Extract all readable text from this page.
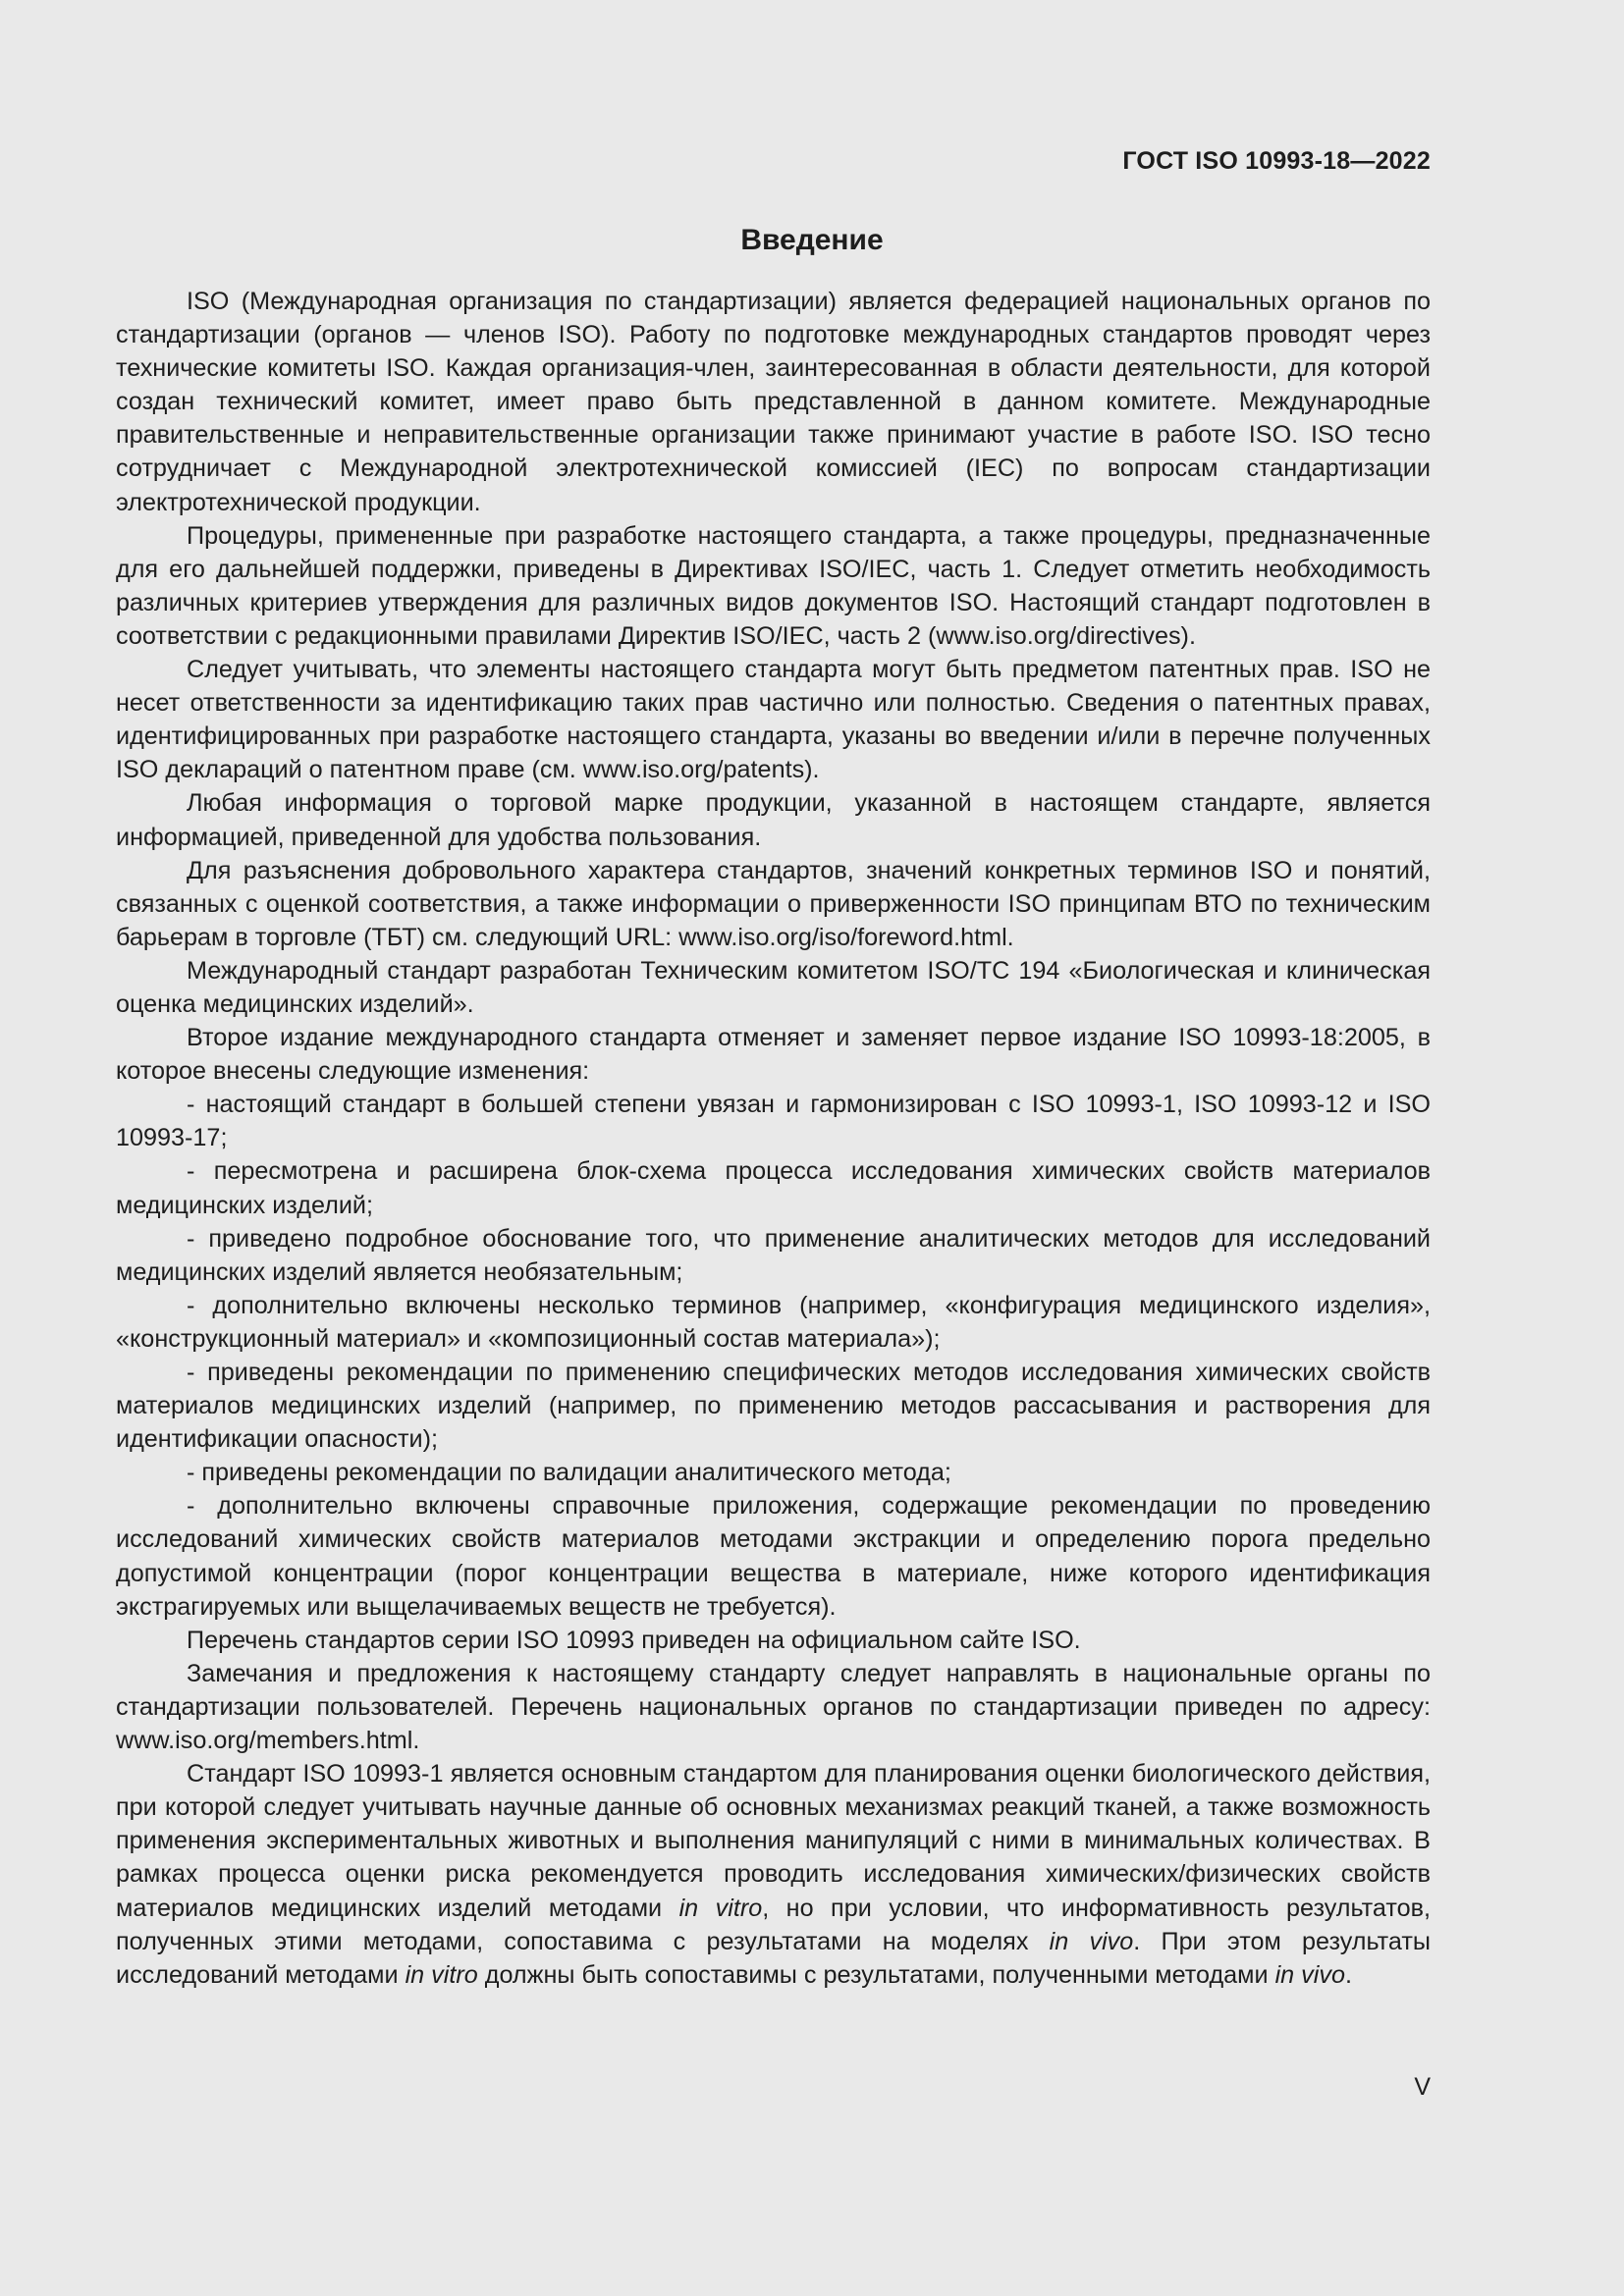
ГОСТ ISO 10993-18—2022
Введение

ISO (Международная организация по стандартизации) является федерацией национальных органов по стандартизации (органов — членов ISO). Работу по подготовке международных стандартов проводят через технические комитеты ISO. Каждая организация-член, заинтересованная в области деятельности, для которой создан технический комитет, имеет право быть представленной в данном комитете. Международные правительственные и неправительственные организации также принимают участие в работе ISO. ISO тесно сотрудничает с Международной электротехнической комиссией (IEC) по вопросам стандартизации электротехнической продукции.

Процедуры, примененные при разработке настоящего стандарта, а также процедуры, предназначенные для его дальнейшей поддержки, приведены в Директивах ISO/IEC, часть 1. Следует отметить необходимость различных критериев утверждения для различных видов документов ISO. Настоящий стандарт подготовлен в соответствии с редакционными правилами Директив ISO/IEC, часть 2 (www.iso.org/directives).

Следует учитывать, что элементы настоящего стандарта могут быть предметом патентных прав. ISO не несет ответственности за идентификацию таких прав частично или полностью. Сведения о патентных правах, идентифицированных при разработке настоящего стандарта, указаны во введении и/или в перечне полученных ISO деклараций о патентном праве (см. www.iso.org/patents).

Любая информация о торговой марке продукции, указанной в настоящем стандарте, является информацией, приведенной для удобства пользования.

Для разъяснения добровольного характера стандартов, значений конкретных терминов ISO и понятий, связанных с оценкой соответствия, а также информации о приверженности ISO принципам ВТО по техническим барьерам в торговле (ТБТ) см. следующий URL: www.iso.org/iso/foreword.html.

Международный стандарт разработан Техническим комитетом ISO/TC 194 «Биологическая и клиническая оценка медицинских изделий».

Второе издание международного стандарта отменяет и заменяет первое издание ISO 10993-18:2005, в которое внесены следующие изменения:

- настоящий стандарт в большей степени увязан и гармонизирован с ISO 10993-1, ISO 10993-12 и ISO 10993-17;

- пересмотрена и расширена блок-схема процесса исследования химических свойств материалов медицинских изделий;

- приведено подробное обоснование того, что применение аналитических методов для исследований медицинских изделий является необязательным;

- дополнительно включены несколько терминов (например, «конфигурация медицинского изделия», «конструкционный материал» и «композиционный состав материала»);

- приведены рекомендации по применению специфических методов исследования химических свойств материалов медицинских изделий (например, по применению методов рассасывания и растворения для идентификации опасности);

- приведены рекомендации по валидации аналитического метода;

- дополнительно включены справочные приложения, содержащие рекомендации по проведению исследований химических свойств материалов методами экстракции и определению порога предельно допустимой концентрации (порог концентрации вещества в материале, ниже которого идентификация экстрагируемых или выщелачиваемых веществ не требуется).

Перечень стандартов серии ISO 10993 приведен на официальном сайте ISO.

Замечания и предложения к настоящему стандарту следует направлять в национальные органы по стандартизации пользователей. Перечень национальных органов по стандартизации приведен по адресу: www.iso.org/members.html.

Стандарт ISO 10993-1 является основным стандартом для планирования оценки биологического действия, при которой следует учитывать научные данные об основных механизмах реакций тканей, а также возможность применения экспериментальных животных и выполнения манипуляций с ними в минимальных количествах. В рамках процесса оценки риска рекомендуется проводить исследования химических/физических свойств материалов медицинских изделий методами in vitro, но при условии, что информативность результатов, полученных этими методами, сопоставима с результатами на моделях in vivo. При этом результаты исследований методами in vitro должны быть сопоставимы с результатами, полученными методами in vivo.

V
